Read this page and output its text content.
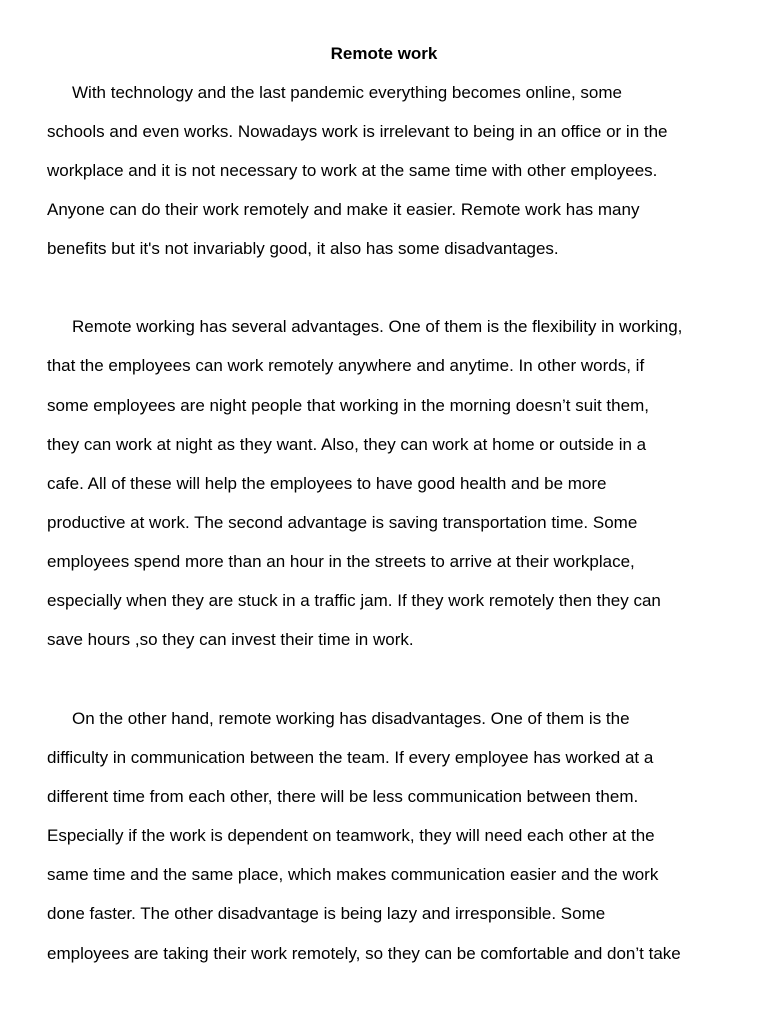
Remote work

With technology and the last pandemic everything becomes online, some

schools and even works. Nowadays work is irrelevant to being in an office or in the

workplace and it is not necessary to work at the same time with other employees.

Anyone can do their work remotely and make it easier. Remote work has many

benefits but it's not invariably good, it also has some disadvantages.

Remote working has several advantages. One of them is the flexibility in working,

that the employees can work remotely anywhere and anytime. In other words, if

some employees are night people that working in the morning doesn’t suit them,

they can work at night as they want. Also, they can work at home or outside in a

cafe. All of these will help the employees to have good health and be more

productive at work. The second advantage is saving transportation time. Some

employees spend more than an hour in the streets to arrive at their workplace,

especially when they are stuck in a traffic jam. If they work remotely then they can

save hours ,so they can invest their time in work.

On the other hand, remote working has disadvantages. One of them is the

difficulty in communication between the team. If every employee has worked at a

different time from each other, there will be less communication between them.

Especially if the work is dependent on teamwork, they will need each other at the

same time and the same place, which makes communication easier and the work

done faster. The other disadvantage is being lazy and irresponsible. Some

employees are taking their work remotely, so they can be comfortable and don’t take
